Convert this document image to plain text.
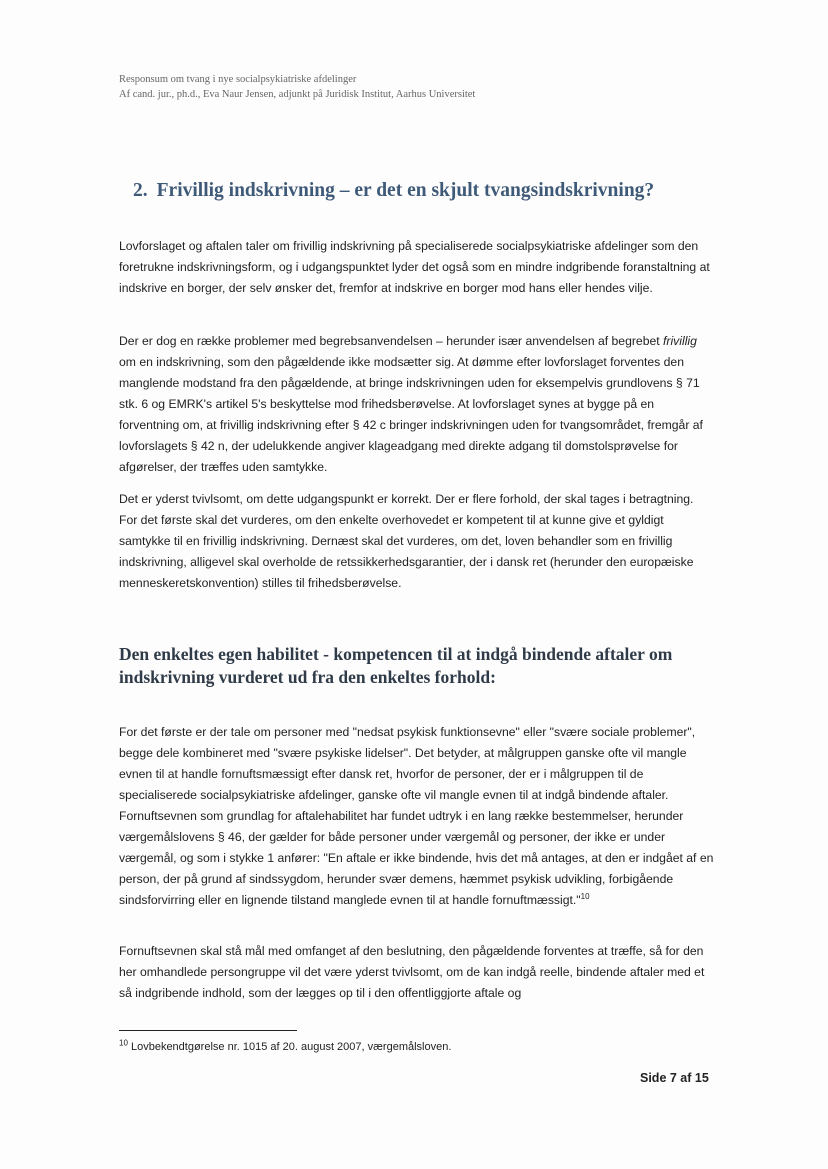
Responsum om tvang i nye socialpsykiatriske afdelinger
Af cand. jur., ph.d., Eva Naur Jensen, adjunkt på Juridisk Institut, Aarhus Universitet
2. Frivillig indskrivning – er det en skjult tvangsindskrivning?
Lovforslaget og aftalen taler om frivillig indskrivning på specialiserede socialpsykiatriske afdelinger som den foretrukne indskrivningsform, og i udgangspunktet lyder det også som en mindre indgribende foranstaltning at indskrive en borger, der selv ønsker det, fremfor at indskrive en borger mod hans eller hendes vilje.
Der er dog en række problemer med begrebsanvendelsen – herunder især anvendelsen af begrebet frivillig om en indskrivning, som den pågældende ikke modsætter sig. At dømme efter lovforslaget forventes den manglende modstand fra den pågældende, at bringe indskrivningen uden for eksempelvis grundlovens § 71 stk. 6 og EMRK's artikel 5's beskyttelse mod frihedsberøvelse. At lovforslaget synes at bygge på en forventning om, at frivillig indskrivning efter § 42 c bringer indskrivningen uden for tvangsområdet, fremgår af lovforslagets § 42 n, der udelukkende angiver klageadgang med direkte adgang til domstolsprøvelse for afgørelser, der træffes uden samtykke.
Det er yderst tvivlsomt, om dette udgangspunkt er korrekt. Der er flere forhold, der skal tages i betragtning. For det første skal det vurderes, om den enkelte overhovedet er kompetent til at kunne give et gyldigt samtykke til en frivillig indskrivning. Dernæst skal det vurderes, om det, loven behandler som en frivillig indskrivning, alligevel skal overholde de retssikkerhedsgarantier, der i dansk ret (herunder den europæiske menneskeretskonvention) stilles til frihedsberøvelse.
Den enkeltes egen habilitet - kompetencen til at indgå bindende aftaler om indskrivning vurderet ud fra den enkeltes forhold:
For det første er der tale om personer med "nedsat psykisk funktionsevne" eller "svære sociale problemer", begge dele kombineret med "svære psykiske lidelser". Det betyder, at målgruppen ganske ofte vil mangle evnen til at handle fornuftsmæssigt efter dansk ret, hvorfor de personer, der er i målgruppen til de specialiserede socialpsykiatriske afdelinger, ganske ofte vil mangle evnen til at indgå bindende aftaler. Fornuftsevnen som grundlag for aftalehabilitet har fundet udtryk i en lang række bestemmelser, herunder værgemålslovens § 46, der gælder for både personer under værgemål og personer, der ikke er under værgemål, og som i stykke 1 anfører: "En aftale er ikke bindende, hvis det må antages, at den er indgået af en person, der på grund af sindssygdom, herunder svær demens, hæmmet psykisk udvikling, forbigående sindsforvirring eller en lignende tilstand manglede evnen til at handle fornuftmæssigt."$^{10}$
Fornuftsevnen skal stå mål med omfanget af den beslutning, den pågældende forventes at træffe, så for den her omhandlede persongruppe vil det være yderst tvivlsomt, om de kan indgå reelle, bindende aftaler med et så indgribende indhold, som der lægges op til i den offentliggjorte aftale og
$^{10}$ Lovbekendtgørelse nr. 1015 af 20. august 2007, værgemålsloven.
Side 7 af 15
